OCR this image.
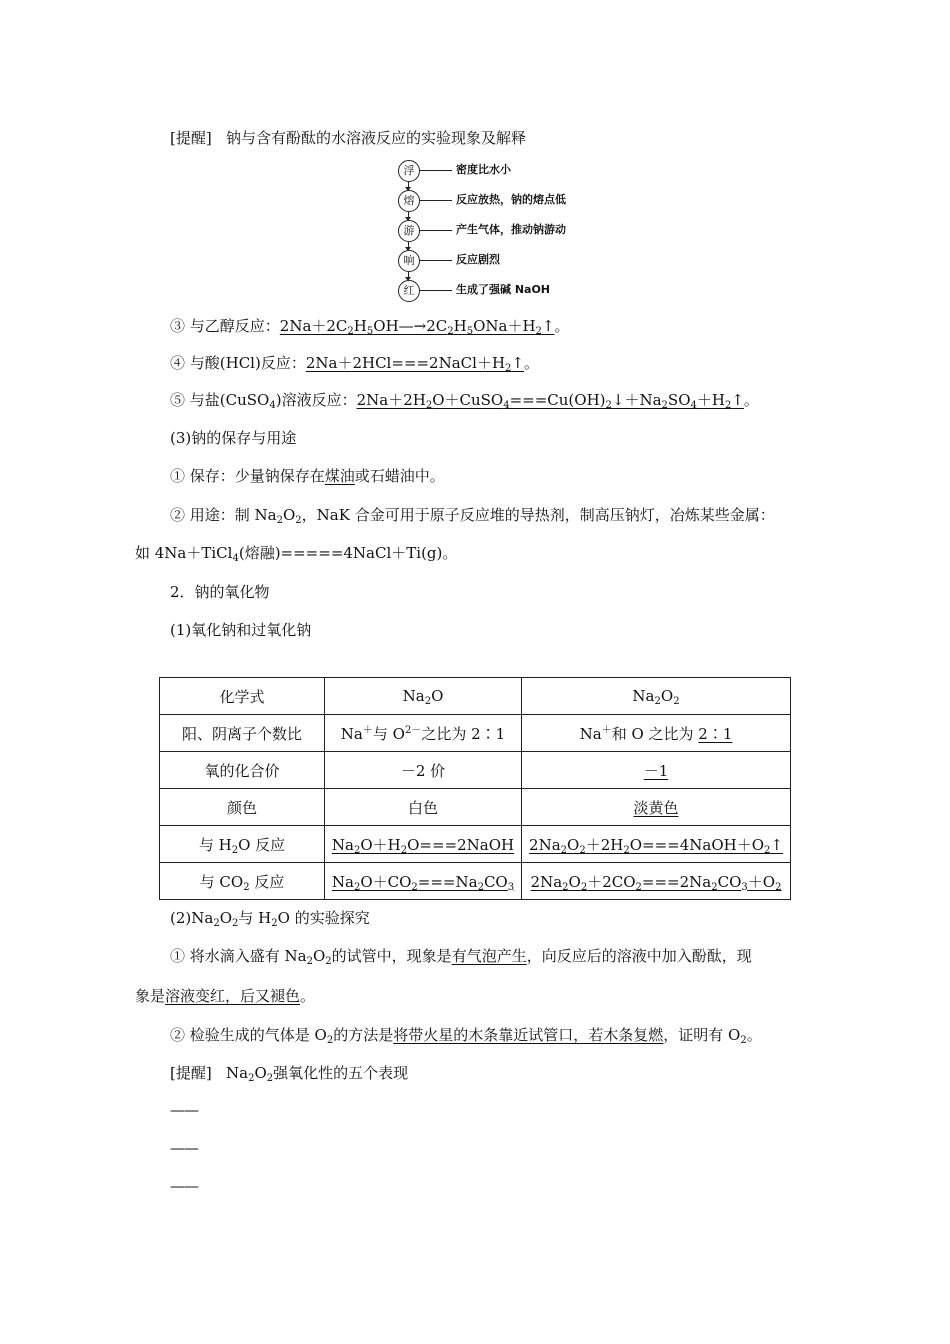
[提醒] 钠与含有酚酞的水溶液反应的实验现象及解释
浮	密度比水小
熔	反应放热，钠的熔点低
游	产生气体，推动钠游动
响	反应剧烈
红	生成了强碱 NaOH
③ 与乙醇反应：$2Na+2C_2H_5OH—\to 2C_2H_5ONa+H_2↑$。
④ 与酸(HCl)反应：$2Na+2HCl===2NaCl+H_2↑$。
⑤ 与盐(CuSO$_4$)溶液反应：$2Na+2H_2O+CuSO_4===Cu(OH)_2↓+Na_2SO_4+H_2↑$。
(3)钠的保存与用途
① 保存：少量钠保存在煤油或石蜡油中。
② 用途：制 $Na_2O_2$，NaK 合金可用于原子反应堆的导热剂，制高压钠灯，冶炼某些金属：
如 4Na＋TiCl$_4$(熔融)=====4NaCl＋Ti(g)。
2．钠的氧化物
(1)氧化钠和过氧化钠
化学式	$Na_2O$	$Na_2O_2$
阳、阴离子个数比	Na＋与 $O^{2-}$之比为 2∶1	Na＋和 O 之比为 2∶1
氧的化合价	－2 价	－1
颜色	白色	淡黄色
与 $H_2O$ 反应	$Na_2O+H_2O===2NaOH$	$2Na_2O_2+2H_2O===4NaOH+O_2↑$
与 $CO_2$ 反应	$Na_2O+CO_2===Na_2CO_3$	$2Na_2O_2+2CO_2===2Na_2CO_3+O_2$
$(2)Na_2O_2$与 $H_2O$ 的实验探究
① 将水滴入盛有 $Na_2O_2$的试管中，现象是有气泡产生，向反应后的溶液中加入酚酞，现
象是溶液变红，后又褪色。
② 检验生成的气体是 $O_2$的方法是将带火星的木条靠近试管口，若木条复燃，证明有 $O_2$。
[提醒] $Na_2O_2$强氧化性的五个表现
——
——
——
